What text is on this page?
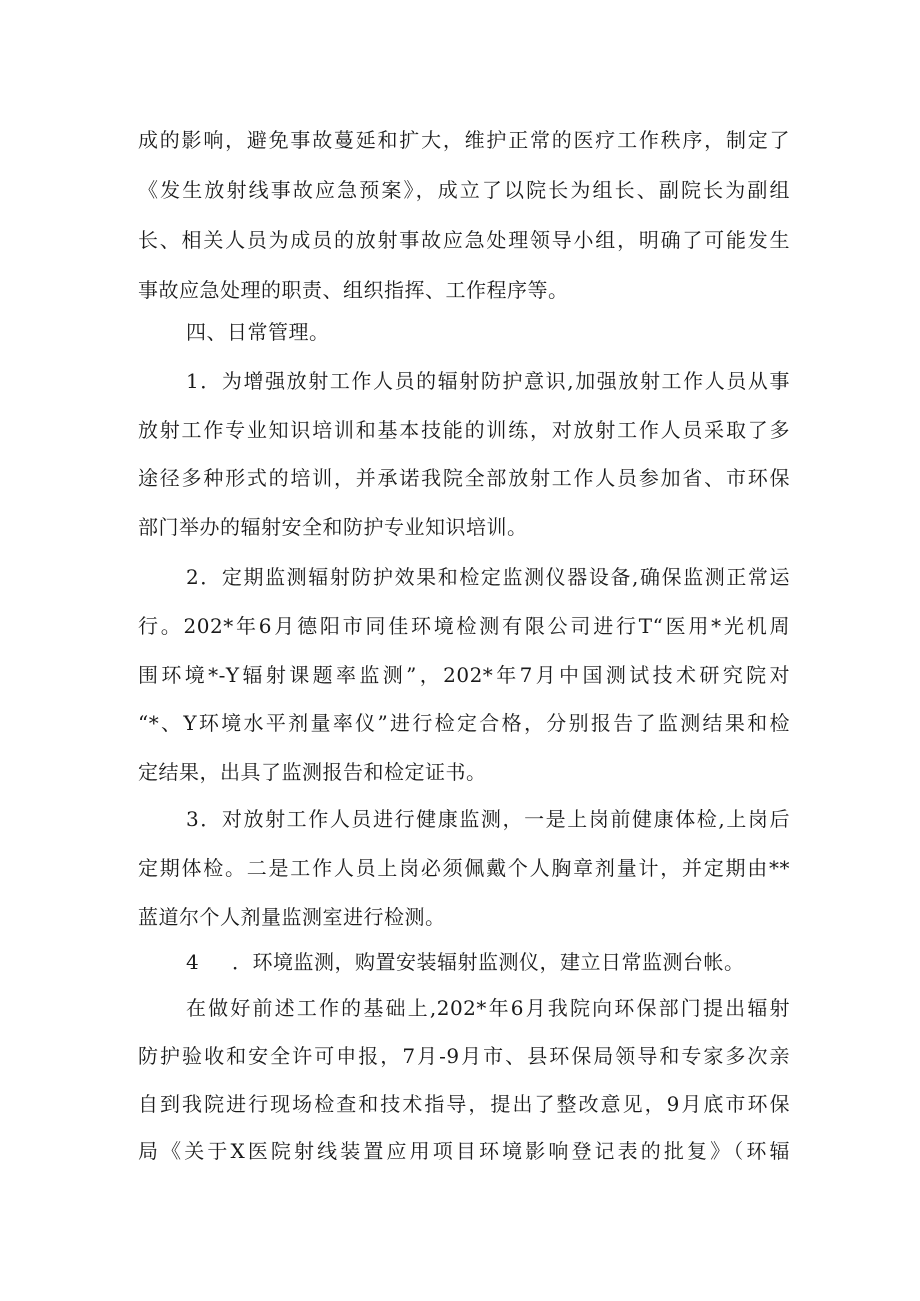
成的影响，避免事故蔓延和扩大，维护正常的医疗工作秩序，制定了
《发生放射线事故应急预案》，成立了以院长为组长、副院长为副组
长、相关人员为成员的放射事故应急处理领导小组，明确了可能发生
事故应急处理的职责、组织指挥、工作程序等。
四、日常管理。
1．为增强放射工作人员的辐射防护意识,加强放射工作人员从事
放射工作专业知识培训和基本技能的训练，对放射工作人员采取了多
途径多种形式的培训，并承诺我院全部放射工作人员参加省、市环保
部门举办的辐射安全和防护专业知识培训。
2．定期监测辐射防护效果和检定监测仪器设备,确保监测正常运
行。202*年6月德阳市同佳环境检测有限公司进行T“医用*光机周
围环境*-Y辐射课题率监测”，202*年7月中国测试技术研究院对
“*、Y环境水平剂量率仪”进行检定合格，分别报告了监测结果和检
定结果，出具了监测报告和检定证书。
3．对放射工作人员进行健康监测，一是上岗前健康体检,上岗后
定期体检。二是工作人员上岗必须佩戴个人胸章剂量计，并定期由**
蓝道尔个人剂量监测室进行检测。
4 ．环境监测，购置安装辐射监测仪，建立日常监测台帐。
在做好前述工作的基础上,202*年6月我院向环保部门提出辐射
防护验收和安全许可申报，7月-9月市、县环保局领导和专家多次亲
自到我院进行现场检查和技术指导，提出了整改意见，9月底市环保
局《关于X医院射线装置应用项目环境影响登记表的批复》（环辐
